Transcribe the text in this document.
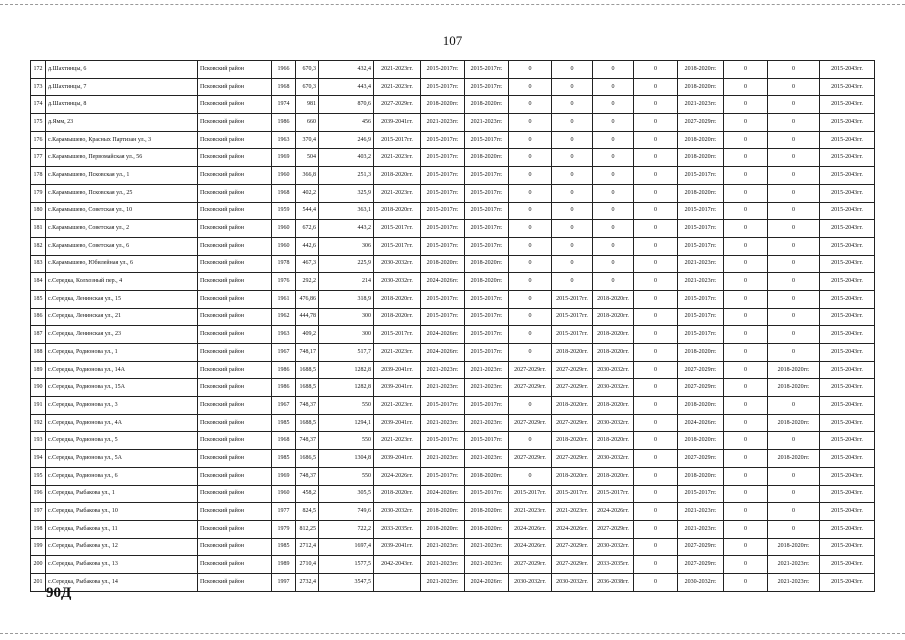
107
172	д.Шахтинцы, 6	Псковский район	1966	670,3	432,4	2021-2023гг.	2015-2017гг.	2015-2017гг.	0	0	0	0	2018-2020гг.	0	0	2015-2043гг.
173	д.Шахтинцы, 7	Псковский район	1968	670,3	443,4	2021-2023гг.	2015-2017гг.	2015-2017гг.	0	0	0	0	2018-2020гг.	0	0	2015-2043гг.
174	д.Шахтинцы, 8	Псковский район	1974	981	870,6	2027-2029гг.	2018-2020гг.	2018-2020гг.	0	0	0	0	2021-2023гг.	0	0	2015-2043гг.
175	д.Ямм, 23	Псковский район	1986	660	456	2039-2041гг.	2021-2023гг.	2021-2023гг.	0	0	0	0	2027-2029гг.	0	0	2015-2043гг.
176	с.Карамышево, Красных Партизан ул., 3	Псковский район	1963	370,4	246,9	2015-2017гг.	2015-2017гг.	2015-2017гг.	0	0	0	0	2018-2020гг.	0	0	2015-2043гг.
177	с.Карамышево, Первомайская ул., 56	Псковский район	1969	504	403,2	2021-2023гг.	2015-2017гг.	2018-2020гг.	0	0	0	0	2018-2020гг.	0	0	2015-2043гг.
178	с.Карамышево, Псковская ул., 1	Псковский район	1960	366,8	251,3	2018-2020гг.	2015-2017гг.	2015-2017гг.	0	0	0	0	2015-2017гг.	0	0	2015-2043гг.
179	с.Карамышево, Псковская ул., 25	Псковский район	1968	402,2	325,9	2021-2023гг.	2015-2017гг.	2015-2017гг.	0	0	0	0	2018-2020гг.	0	0	2015-2043гг.
180	с.Карамышево, Советская ул., 10	Псковский район	1959	544,4	363,1	2018-2020гг.	2015-2017гг.	2015-2017гг.	0	0	0	0	2015-2017гг.	0	0	2015-2043гг.
181	с.Карамышево, Советская ул., 2	Псковский район	1960	672,6	443,2	2015-2017гг.	2015-2017гг.	2015-2017гг.	0	0	0	0	2015-2017гг.	0	0	2015-2043гг.
182	с.Карамышево, Советская ул., 6	Псковский район	1960	442,6	306	2015-2017гг.	2015-2017гг.	2015-2017гг.	0	0	0	0	2015-2017гг.	0	0	2015-2043гг.
183	с.Карамышево, Юбилейная ул., 6	Псковский район	1978	467,3	225,9	2030-2032гг.	2018-2020гг.	2018-2020гг.	0	0	0	0	2021-2023гг.	0	0	2015-2043гг.
184	с.Середка, Колхозный пер., 4	Псковский район	1976	292,2	214	2030-2032гг.	2024-2026гг.	2018-2020гг.	0	0	0	0	2021-2023гг.	0	0	2015-2043гг.
185	с.Середка, Ленинская ул., 15	Псковский район	1961	476,86	318,9	2018-2020гг.	2015-2017гг.	2015-2017гг.	0	2015-2017гг.	2018-2020гг.	0	2015-2017гг.	0	0	2015-2043гг.
186	с.Середка, Ленинская ул., 21	Псковский район	1962	444,78	300	2018-2020гг.	2015-2017гг.	2015-2017гг.	0	2015-2017гг.	2018-2020гг.	0	2015-2017гг.	0	0	2015-2043гг.
187	с.Середка, Ленинская ул., 23	Псковский район	1963	409,2	300	2015-2017гг.	2024-2026гг.	2015-2017гг.	0	2015-2017гг.	2018-2020гг.	0	2015-2017гг.	0	0	2015-2043гг.
188	с.Середка, Родионова ул., 1	Псковский район	1967	748,17	517,7	2021-2023гг.	2024-2026гг.	2015-2017гг.	0	2018-2020гг.	2018-2020гг.	0	2018-2020гг.	0	0	2015-2043гг.
189	с.Середка, Родионова ул., 14А	Псковский район	1986	1688,5	1282,8	2039-2041гг.	2021-2023гг.	2021-2023гг.	2027-2029гг.	2027-2029гг.	2030-2032гг.	0	2027-2029гг.	0	2018-2020гг.	2015-2043гг.
190	с.Середка, Родионова ул., 15А	Псковский район	1986	1688,5	1282,8	2039-2041гг.	2021-2023гг.	2021-2023гг.	2027-2029гг.	2027-2029гг.	2030-2032гг.	0	2027-2029гг.	0	2018-2020гг.	2015-2043гг.
191	с.Середка, Родионова ул., 3	Псковский район	1967	748,37	550	2021-2023гг.	2015-2017гг.	2015-2017гг.	0	2018-2020гг.	2018-2020гг.	0	2018-2020гг.	0	0	2015-2043гг.
192	с.Середка, Родионова ул., 4А	Псковский район	1985	1688,5	1294,1	2039-2041гг.	2021-2023гг.	2021-2023гг.	2027-2029гг.	2027-2029гг.	2030-2032гг.	0	2024-2026гг.	0	2018-2020гг.	2015-2043гг.
193	с.Середка, Родионова ул., 5	Псковский район	1968	748,37	550	2021-2023гг.	2015-2017гг.	2015-2017гг.	0	2018-2020гг.	2018-2020гг.	0	2018-2020гг.	0	0	2015-2043гг.
194	с.Середка, Родионова ул., 5А	Псковский район	1985	1686,5	1304,8	2039-2041гг.	2021-2023гг.	2021-2023гг.	2027-2029гг.	2027-2029гг.	2030-2032гг.	0	2027-2029гг.	0	2018-2020гг.	2015-2043гг.
195	с.Середка, Родионова ул., 6	Псковский район	1969	748,37	550	2024-2026гг.	2015-2017гг.	2018-2020гг.	0	2018-2020гг.	2018-2020гг.	0	2018-2020гг.	0	0	2015-2043гг.
196	с.Середка, Рыбакова ул., 1	Псковский район	1960	458,2	305,5	2018-2020гг.	2024-2026гг.	2015-2017гг.	2015-2017гг.	2015-2017гг.	2015-2017гг.	0	2015-2017гг.	0	0	2015-2043гг.
197	с.Середка, Рыбакова ул., 10	Псковский район	1977	824,5	749,6	2030-2032гг.	2018-2020гг.	2018-2020гг.	2021-2023гг.	2021-2023гг.	2024-2026гг.	0	2021-2023гг.	0	0	2015-2043гг.
198	с.Середка, Рыбакова ул., 11	Псковский район	1979	812,25	722,2	2033-2035гг.	2018-2020гг.	2018-2020гг.	2024-2026гг.	2024-2026гг.	2027-2029гг.	0	2021-2023гг.	0	0	2015-2043гг.
199	с.Середка, Рыбакова ул., 12	Псковский район	1985	2712,4	1697,4	2039-2041гг.	2021-2023гг.	2021-2023гг.	2024-2026гг.	2027-2029гг.	2030-2032гг.	0	2027-2029гг.	0	2018-2020гг.	2015-2043гг.
200	с.Середка, Рыбакова ул., 13	Псковский район	1989	2710,4	1577,5	2042-2043гг.	2021-2023гг.	2021-2023гг.	2027-2029гг.	2027-2029гг.	2033-2035гг.	0	2027-2029гг.	0	2021-2023гг.	2015-2043гг.
201	с.Середка, Рыбакова ул., 14	Псковский район	1997	2732,4	3547,5		2021-2023гг.	2024-2026гг.	2030-2032гг.	2030-2032гг.	2036-2038гг.	0	2030-2032гг.	0	2021-2023гг.	2015-2043гг.
90Д
